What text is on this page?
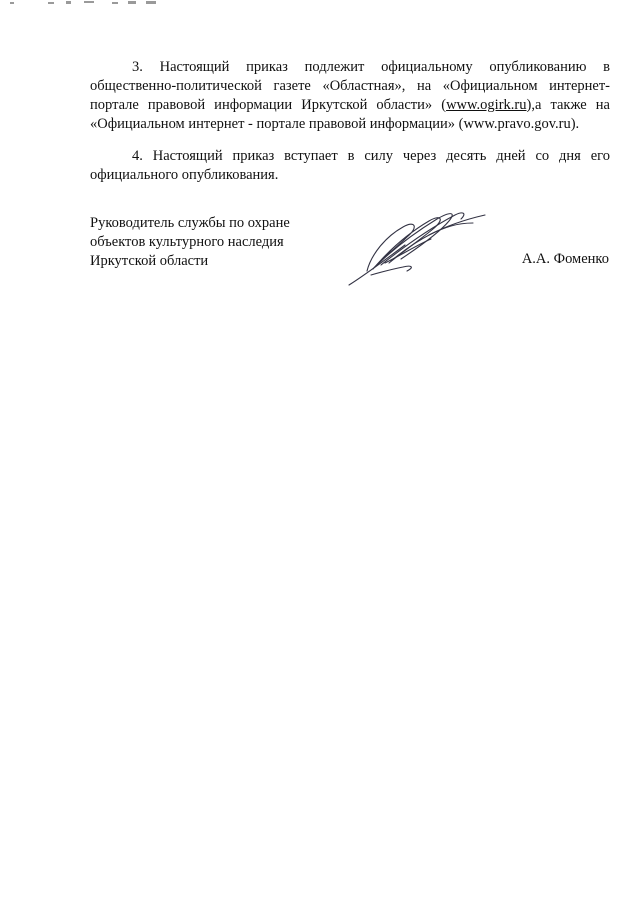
3. Настоящий приказ подлежит официальному опубликованию в общественно-политической газете «Областная», на «Официальном интернет-портале правовой информации Иркутской области» (www.ogirk.ru),а также на «Официальном интернет - портале правовой информации» (www.pravo.gov.ru).

4. Настоящий приказ вступает в силу через десять дней со дня его официального опубликования.

Руководитель службы по охране
объектов культурного наследия
Иркутской области	А.А. Фоменко
